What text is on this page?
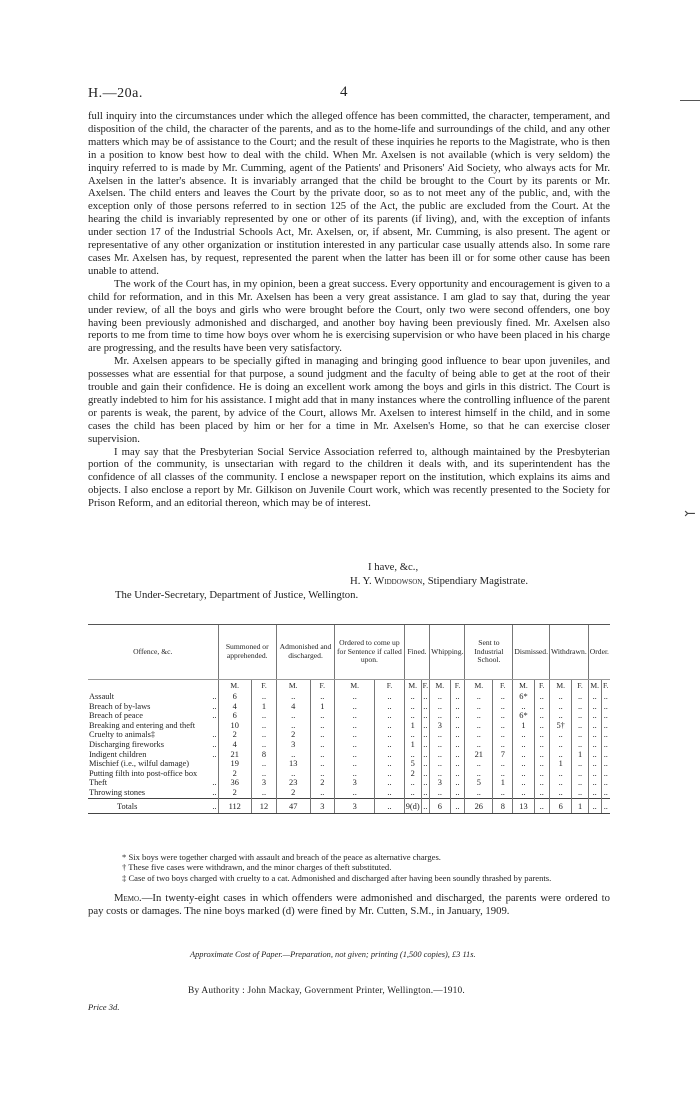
H.—20a.	4

full inquiry into the circumstances under which the alleged offence has been committed, the character, temperament, and disposition of the child, the character of the parents, and as to the home-life and surroundings of the child, and any other matters which may be of assistance to the Court; and the result of these inquiries he reports to the Magistrate, who is then in a position to know best how to deal with the child. When Mr. Axelsen is not available (which is very seldom) the inquiry referred to is made by Mr. Cumming, agent of the Patients' and Prisoners' Aid Society, who always acts for Mr. Axelsen in the latter's absence. It is invariably arranged that the child be brought to the Court by its parents or Mr. Axelsen. The child enters and leaves the Court by the private door, so as to not meet any of the public, and, with the exception only of those persons referred to in section 125 of the Act, the public are excluded from the Court. At the hearing the child is invariably represented by one or other of its parents (if living), and, with the exception of infants under section 17 of the Industrial Schools Act, Mr. Axelsen, or, if absent, Mr. Cumming, is also present. The agent or representative of any other organization or institution interested in any particular case usually attends also. In some rare cases Mr. Axelsen has, by request, represented the parent when the latter has been ill or for some other cause has been unable to attend.

The work of the Court has, in my opinion, been a great success. Every opportunity and encouragement is given to a child for reformation, and in this Mr. Axelsen has been a very great assistance. I am glad to say that, during the year under review, of all the boys and girls who were brought before the Court, only two were second offenders, one boy having been previously admonished and discharged, and another boy having been previously fined. Mr. Axelsen also reports to me from time to time how boys over whom he is exercising supervision or who have been placed in his charge are progressing, and the results have been very satisfactory.

Mr. Axelsen appears to be specially gifted in managing and bringing good influence to bear upon juveniles, and possesses what are essential for that purpose, a sound judgment and the faculty of being able to get at the root of their trouble and gain their confidence. He is doing an excellent work among the boys and girls in this district. The Court is greatly indebted to him for his assistance. I might add that in many instances where the controlling influence of the parent or parents is weak, the parent, by advice of the Court, allows Mr. Axelsen to interest himself in the child, and in some cases the child has been placed by him or her for a time in Mr. Axelsen's Home, so that he can exercise closer supervision.

I may say that the Presbyterian Social Service Association referred to, although maintained by the Presbyterian portion of the community, is unsectarian with regard to the children it deals with, and its superintendent has the confidence of all classes of the community. I enclose a newspaper report on the institution, which explains its aims and objects. I also enclose a report by Mr. Gilkison on Juvenile Court work, which was recently presented to the Society for Prison Reform, and an editorial thereon, which may be of interest.

I have, &c.,
H. Y. Widdowson, Stipendiary Magistrate.
The Under-Secretary, Department of Justice, Wellington.
Offence, &c.	Summoned or apprehended.		Admonished and discharged.		Ordered to come up for Sentence if called upon.		Fined.		Whipping.		Sent to Industrial School.		Dismissed.		Withdrawn.		Order.	
	M.	F.	M.	F.	M.	F.	M.	F.	M.	F.	M.	F.	M.	F.	M.	F.	M.	F.
Assault ..	6	..	..	..	..	..	..	..	..	..	..	..	6*	..	..	..	..	..
Breach of by-laws ..	4	1	4	1	..	..	..	..	..	..	..	..	..	..	..	..	..	..
Breach of peace ..	6	..	..	..	..	..	..	..	..	..	..	..	6*	..	..	..	..	..
Breaking and entering and theft	10	..	..	..	..	..	1	..	3	..	..	..	1	..	5†	..	..	..
Cruelty to animals‡ ..	2	..	2	..	..	..	..	..	..	..	..	..	..	..	..	..	..	..
Discharging fireworks ..	4	..	3	..	..	..	1	..	..	..	..	..	..	..	..	..	..	..
Indigent children ..	21	8	..	..	..	..	..	..	..	..	21	7	..	..	..	1	..	..
Mischief (i.e., wilful damage)	19	..	13	..	..	..	5	..	..	..	..	..	..	..	1	..	..	..
Putting filth into post-office box	2	..	..	..	..	..	2	..	..	..	..	..	..	..	..	..	..	..
Theft ..	36	3	23	2	3	..	..	..	3	..	5	1	..	..	..	..	..	..
Throwing stones ..	2	..	2	..	..	..	..	..	..	..	..	..	..	..	..	..	..	..
Totals ..	112	12	47	3	3	..	9(d)	..	6	..	26	8	13	..	6	1	..	..

* Six boys were together charged with assault and breach of the peace as alternative charges.

† These five cases were withdrawn, and the minor charges of theft substituted.

‡ Case of two boys charged with cruelty to a cat. Admonished and discharged after having been soundly thrashed by parents.

Memo.—In twenty-eight cases in which offenders were admonished and discharged, the parents were ordered to pay costs or damages. The nine boys marked (d) were fined by Mr. Cutten, S.M., in January, 1909.
Approximate Cost of Paper.—Preparation, not given; printing (1,500 copies), £3 11s.
By Authority : John Mackay, Government Printer, Wellington.—1910.
Price 3d.
⤚
